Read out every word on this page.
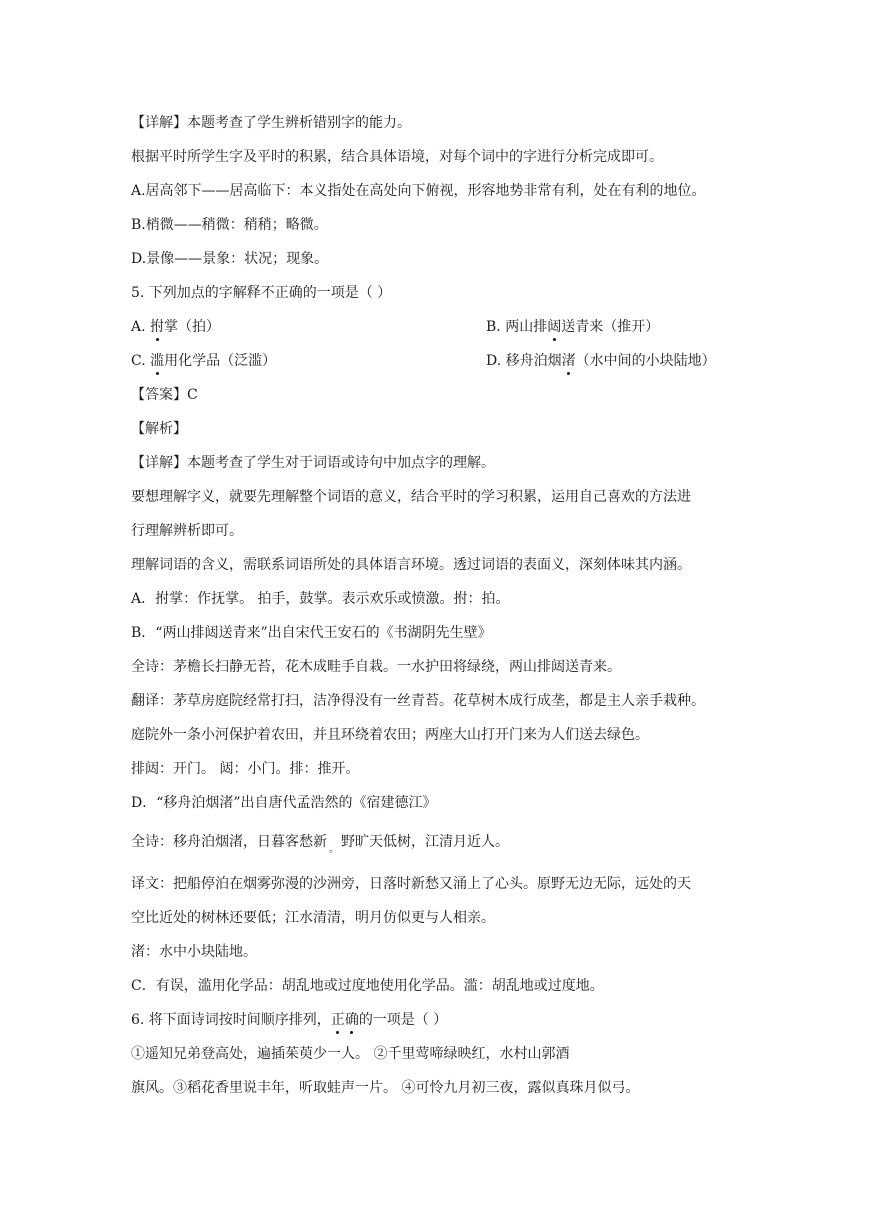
【详解】本题考查了学生辨析错别字的能力。
根据平时所学生字及平时的积累，结合具体语境，对每个词中的字进行分析完成即可。
A.居高邻下——居高临下：本义指处在高处向下俯视，形容地势非常有利，处在有利的地位。
B.梢微——稍微：稍稍；略微。
D.景像——景象：状况；现象。
5. 下列加点的字解释不正确的一项是（ ）
A. 拊掌（拍）	B. 两山排闼送青来（推开）
C. 滥用化学品（泛滥）	D. 移舟泊烟渚（水中间的小块陆地）
【答案】C
【解析】
【详解】本题考查了学生对于词语或诗句中加点字的理解。
要想理解字义，就要先理解整个词语的意义，结合平时的学习积累，运用自己喜欢的方法进
行理解辨析即可。
理解词语的含义，需联系词语所处的具体语言环境。透过词语的表面义，深刻体味其内涵。
A．拊掌：作抚掌。 拍手，鼓掌。表示欢乐或愤激。拊：拍。
B．“两山排闼送青来”出自宋代王安石的《书湖阴先生壁》
全诗：茅檐长扫静无苔，花木成畦手自栽。一水护田将绿绕，两山排闼送青来。
翻译：茅草房庭院经常打扫，洁净得没有一丝青苔。花草树木成行成垄，都是主人亲手栽种。
庭院外一条小河保护着农田，并且环绕着农田；两座大山打开门来为人们送去绿色。
排闼：开门。 闼：小门。排：推开。
D．“移舟泊烟渚”出自唐代孟浩然的《宿建德江》
全诗：移舟泊烟渚，日暮客愁新 。 野旷天低树，江清月近人。
译文：把船停泊在烟雾弥漫的沙洲旁，日落时新愁又涌上了心头。原野无边无际，远处的天
空比近处的树林还要低；江水清清，明月仿似更与人相亲。
渚：水中小块陆地。
C．有误，滥用化学品：胡乱地或过度地使用化学品。滥：胡乱地或过度地。
6. 将下面诗词按时间顺序排列，正确的一项是（ ）
①遥知兄弟登高处，遍插茱萸少一人。 ②千里莺啼绿映红，水村山郭酒
旗风。③稻花香里说丰年，听取蛙声一片。 ④可怜九月初三夜，露似真珠月似弓。
